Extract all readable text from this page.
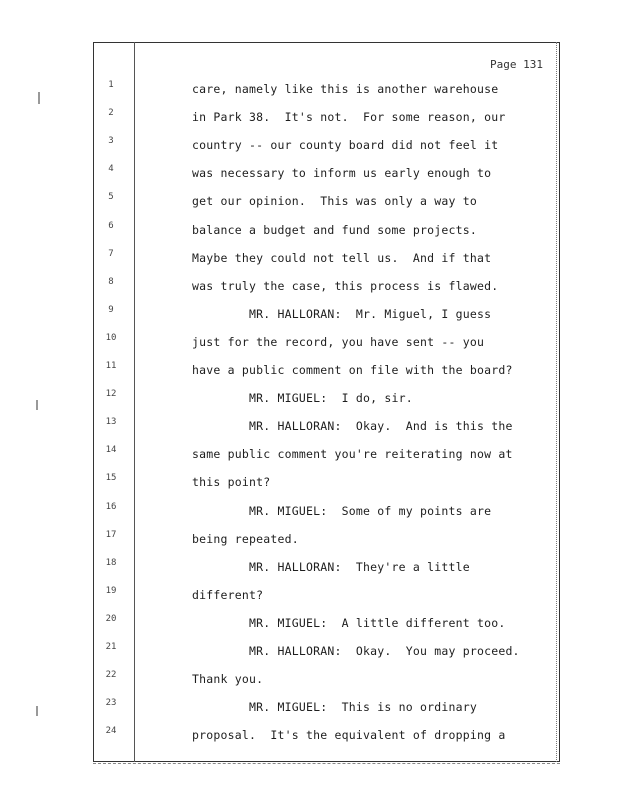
Page 131
1	care, namely like this is another warehouse
2	in Park 38.  It's not.  For some reason, our
3	country -- our county board did not feel it
4	was necessary to inform us early enough to
5	get our opinion.  This was only a way to
6	balance a budget and fund some projects.
7	Maybe they could not tell us.  And if that
8	was truly the case, this process is flawed.
9	MR. HALLORAN:  Mr. Miguel, I guess
10	just for the record, you have sent -- you
11	have a public comment on file with the board?
12	MR. MIGUEL:  I do, sir.
13	MR. HALLORAN:  Okay.  And is this the
14	same public comment you're reiterating now at
15	this point?
16	MR. MIGUEL:  Some of my points are
17	being repeated.
18	MR. HALLORAN:  They're a little
19	different?
20	MR. MIGUEL:  A little different too.
21	MR. HALLORAN:  Okay.  You may proceed.
22	Thank you.
23	MR. MIGUEL:  This is no ordinary
24	proposal.  It's the equivalent of dropping a
